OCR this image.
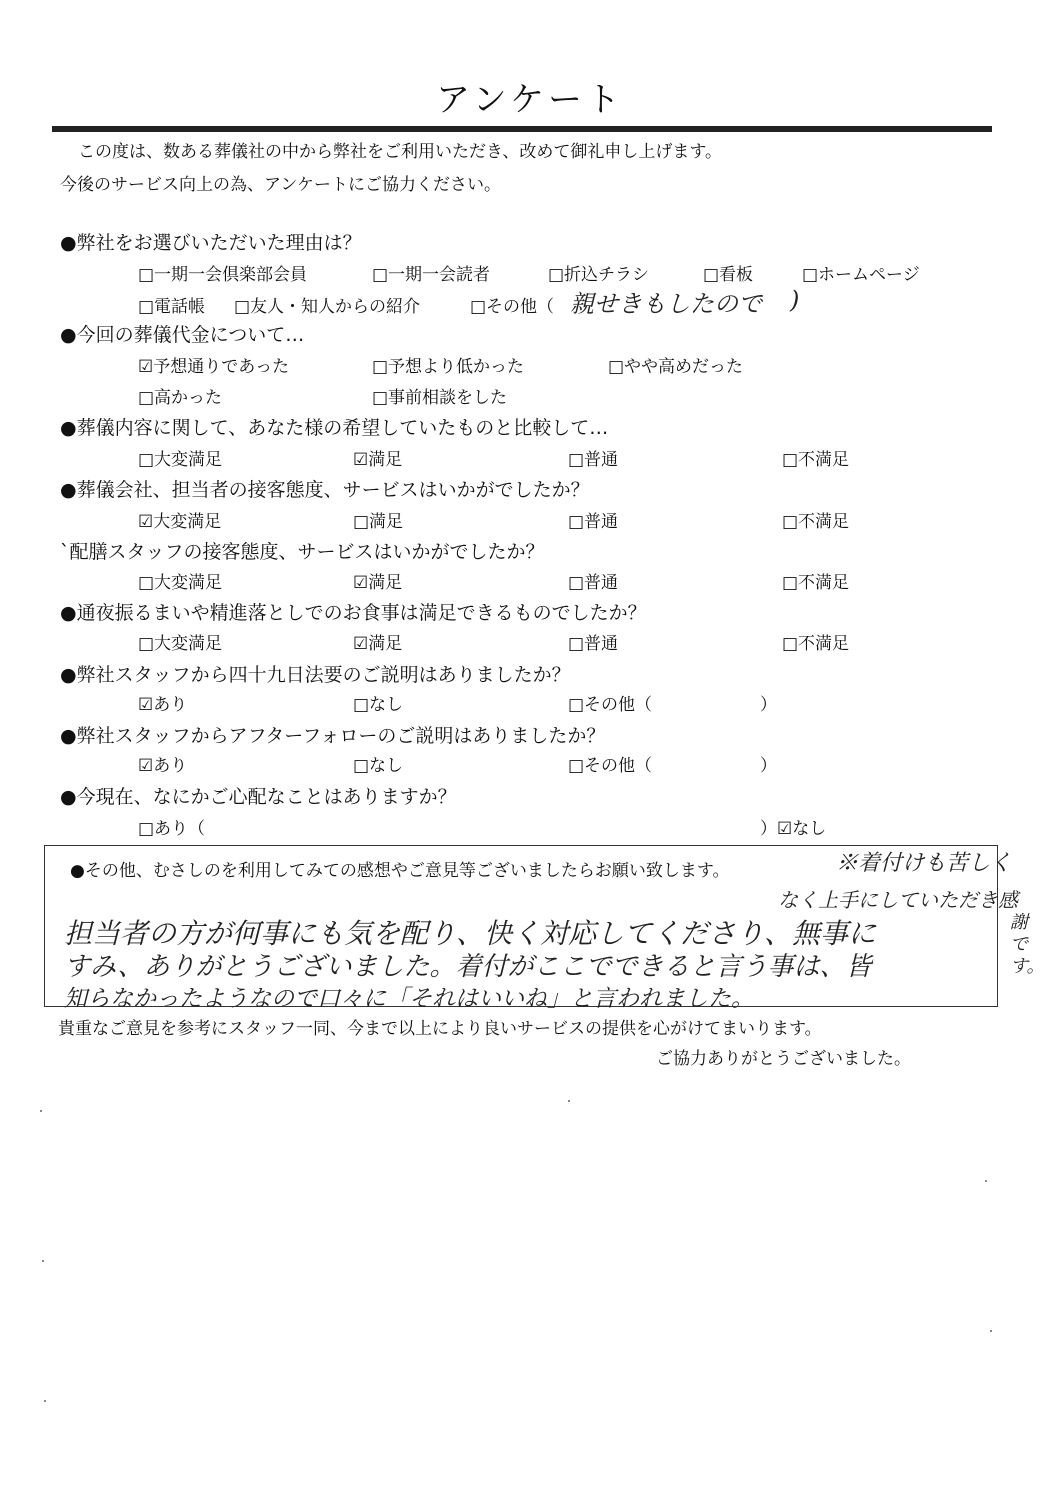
アンケート
この度は、数ある葬儀社の中から弊社をご利用いただき、改めて御礼申し上げます。
今後のサービス向上の為、アンケートにご協力ください。
●弊社をお選びいただいた理由は？
□一期一会倶楽部会員	□一期一会読者	□折込チラシ	□看板	□ホームページ
□電話帳 □友人・知人からの紹介	□その他（ 親せきもしたので )
●今回の葬儀代金について…
☑予想通りであった	□予想より低かった	□やや高めだった
□高かった	□事前相談をした
●葬儀内容に関して、あなた様の希望していたものと比較して…
□大変満足	☑満足	□普通	□不満足
●葬儀会社、担当者の接客態度、サービスはいかがでしたか？
☑大変満足	□満足	□普通	□不満足
`配膳スタッフの接客態度、サービスはいかがでしたか？
□大変満足	☑満足	□普通	□不満足
●通夜振るまいや精進落としでのお食事は満足できるものでしたか？
□大変満足	☑満足	□普通	□不満足
●弊社スタッフから四十九日法要のご説明はありましたか？
☑あり	□なし	□その他（	）
●弊社スタッフからアフターフォローのご説明はありましたか？
☑あり	□なし	□その他（	）
●今現在、なにかご心配なことはありますか？
□あり（	）☑なし
●その他、むさしのを利用してみての感想やご意見等ございましたらお願い致します。	※着付けも苦しく
なく上手にしていただき感
謝です。
担当者の方が何事にも気を配り、快く対応してくださり、無事に
すみ、ありがとうございました。着付がここでできると言う事は、皆
知らなかったようなので口々に「それはいいね」と言われました。
貴重なご意見を参考にスタッフ一同、今まで以上により良いサービスの提供を心がけてまいります。
ご協力ありがとうございました。
